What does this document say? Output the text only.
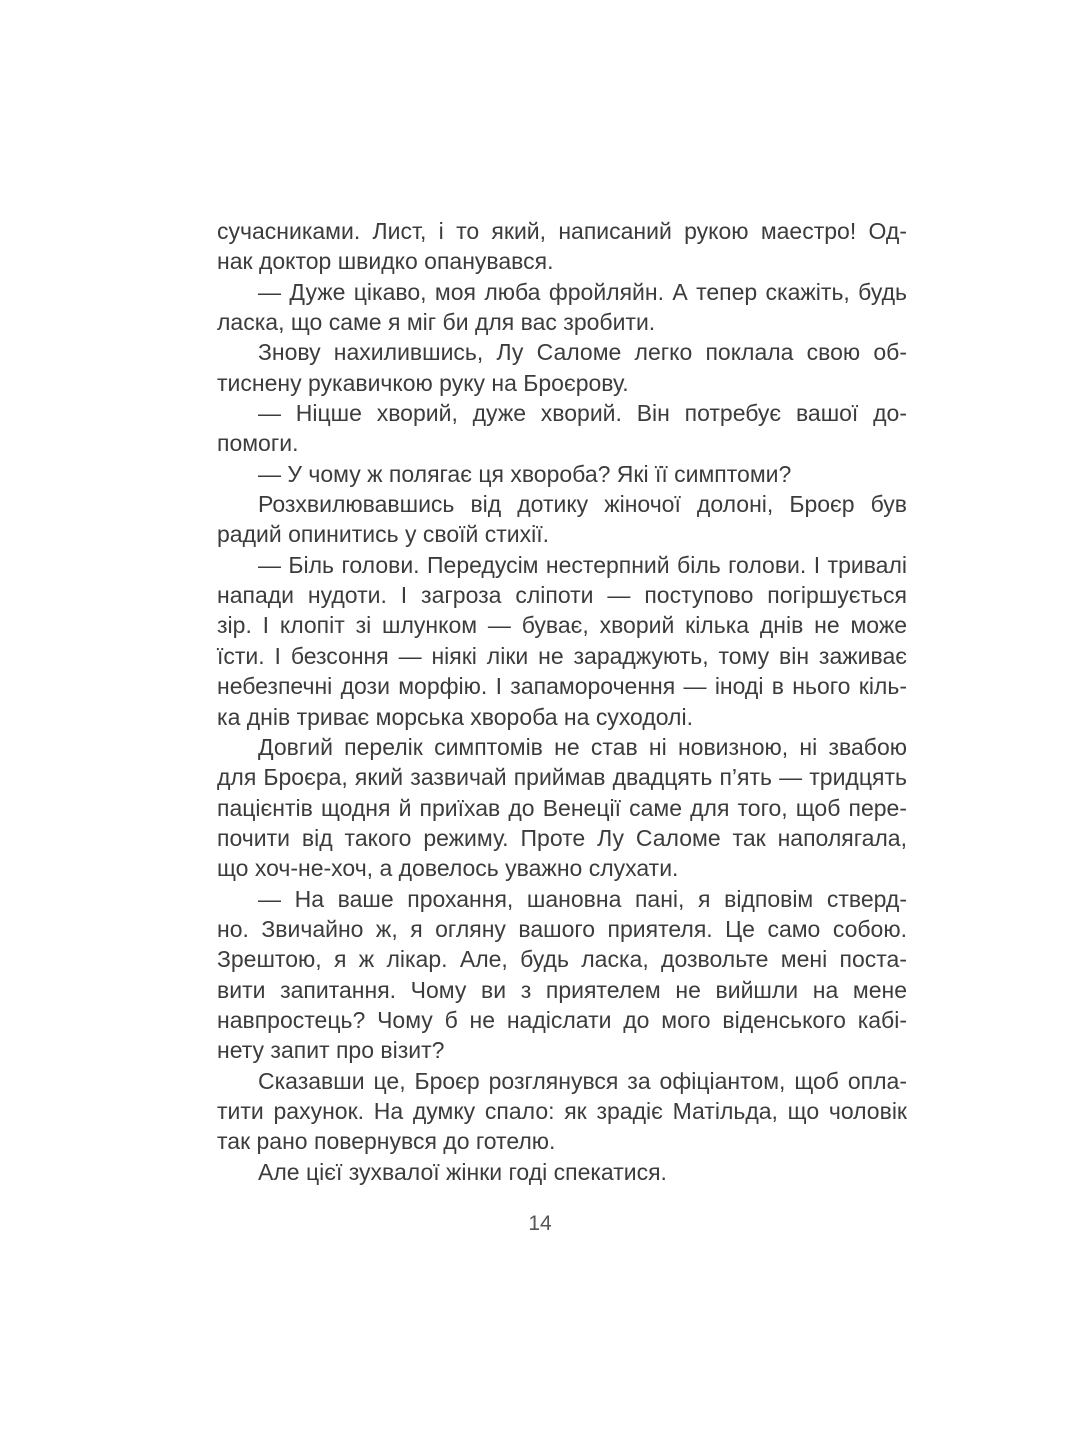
сучасниками. Лист, і то який, написаний рукою маестро! Од-
нак доктор швидко опанувався.
— Дуже цікаво, моя люба фройляйн. А тепер скажіть, будь
ласка, що саме я міг би для вас зробити.
Знову нахилившись, Лу Саломе легко поклала свою об-
тиснену рукавичкою руку на Броєрову.
— Ніцше хворий, дуже хворий. Він потребує вашої до-
помоги.
— У чому ж полягає ця хвороба? Які її симптоми?
Розхвилювавшись від дотику жіночої долоні, Броєр був
радий опинитись у своїй стихії.
— Біль голови. Передусім нестерпний біль голови. І тривалі
напади нудоти. І загроза сліпоти — поступово погіршується
зір. І клопіт зі шлунком — буває, хворий кілька днів не може
їсти. І безсоння — ніякі ліки не зараджують, тому він заживає
небезпечні дози морфію. І запаморочення — іноді в нього кіль-
ка днів триває морська хвороба на суходолі.
Довгий перелік симптомів не став ні новизною, ні звабою
для Броєра, який зазвичай приймав двадцять п’ять — тридцять
пацієнтів щодня й приїхав до Венеції саме для того, щоб пере-
почити від такого режиму. Проте Лу Саломе так наполягала,
що хоч-не-хоч, а довелось уважно слухати.
— На ваше прохання, шановна пані, я відповім стверд-
но. Звичайно ж, я огляну вашого приятеля. Це само собою.
Зрештою, я ж лікар. Але, будь ласка, дозвольте мені поста-
вити запитання. Чому ви з приятелем не вийшли на мене
навпростець? Чому б не надіслати до мого віденського кабі-
нету запит про візит?
Сказавши це, Броєр розглянувся за офіціантом, щоб опла-
тити рахунок. На думку спало: як зрадіє Матільда, що чоловік
так рано повернувся до готелю.
Але цієї зухвалої жінки годі спекатися.
14
